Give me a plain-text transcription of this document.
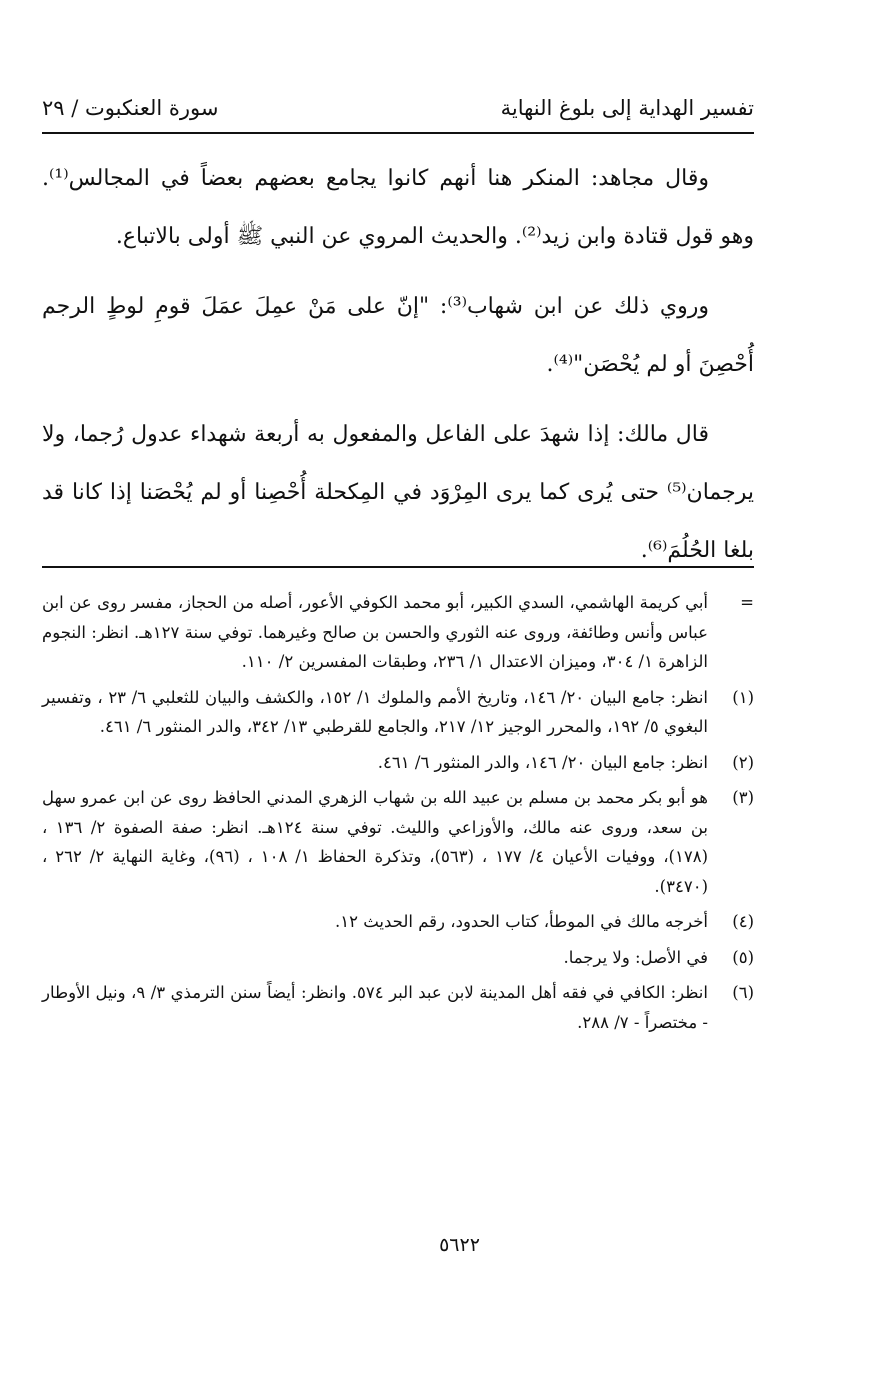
تفسير الهداية إلى بلوغ النهاية
سورة العنكبوت / ٢٩

وقال مجاهد: المنكر هنا أنهم كانوا يجامع بعضهم بعضاً في المجالس⁽¹⁾. وهو قول قتادة وابن زيد⁽²⁾. والحديث المروي عن النبي ﷺ أولى بالاتباع.

وروي ذلك عن ابن شهاب⁽³⁾: "إنّ على مَنْ عمِلَ عمَلَ قومِ لوطٍ الرجم أُحْصِنَ أو لم يُحْصَن"⁽⁴⁾.

قال مالك: إذا شهدَ على الفاعل والمفعول به أربعة شهداء عدول رُجما، ولا يرجمان⁽⁵⁾ حتى يُرى كما يرى المِرْوَد في المِكحلة أُحْصِنا أو لم يُحْصَنا إذا كانا قد بلغا الحُلُمَ⁽⁶⁾.

=
أبي كريمة الهاشمي، السدي الكبير، أبو محمد الكوفي الأعور، أصله من الحجاز، مفسر روى عن ابن عباس وأنس وطائفة، وروى عنه الثوري والحسن بن صالح وغيرهما. توفي سنة ١٢٧هـ. انظر: النجوم الزاهرة ١/ ٣٠٤، وميزان الاعتدال ١/ ٢٣٦، وطبقات المفسرين ٢/ ١١٠.
(١)
انظر: جامع البيان ٢٠/ ١٤٦، وتاريخ الأمم والملوك ١/ ١٥٢، والكشف والبيان للثعلبي ٦/ ٢٣ ، وتفسير البغوي ٥/ ١٩٢، والمحرر الوجيز ١٢/ ٢١٧، والجامع للقرطبي ١٣/ ٣٤٢، والدر المنثور ٦/ ٤٦١.
(٢)
انظر: جامع البيان ٢٠/ ١٤٦، والدر المنثور ٦/ ٤٦١.
(٣)
هو أبو بكر محمد بن مسلم بن عبيد الله بن شهاب الزهري المدني الحافظ روى عن ابن عمرو سهل بن سعد، وروى عنه مالك، والأوزاعي والليث. توفي سنة ١٢٤هـ. انظر: صفة الصفوة ٢/ ١٣٦ ، (١٧٨)، ووفيات الأعيان ٤/ ١٧٧ ، (٥٦٣)، وتذكرة الحفاظ ١/ ١٠٨ ، (٩٦)، وغاية النهاية ٢/ ٢٦٢ ، (٣٤٧٠).
(٤)
أخرجه مالك في الموطأ، كتاب الحدود، رقم الحديث ١٢.
(٥)
في الأصل: ولا يرجما.
(٦)
انظر: الكافي في فقه أهل المدينة لابن عبد البر ٥٧٤. وانظر: أيضاً سنن الترمذي ٣/ ٩، ونيل الأوطار - مختصراً - ٧/ ٢٨٨.
٥٦٢٢
